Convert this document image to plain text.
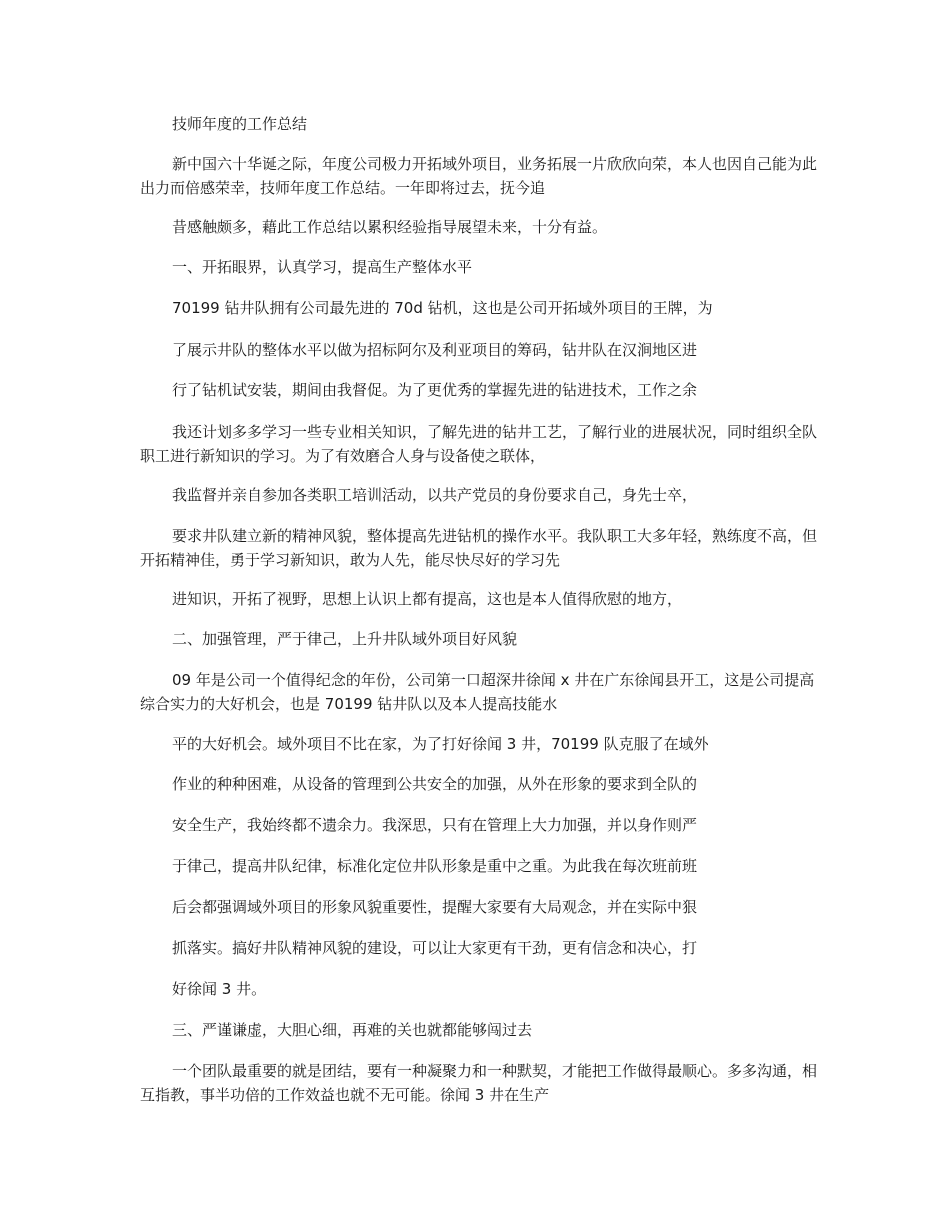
技师年度的工作总结

新中国六十华诞之际，年度公司极力开拓域外项目，业务拓展一片欣欣向荣，本人也因自己能为此出力而倍感荣幸，技师年度工作总结。一年即将过去，抚今追

昔感触颇多，藉此工作总结以累积经验指导展望未来，十分有益。

一、开拓眼界，认真学习，提高生产整体水平

70199 钻井队拥有公司最先进的 70d 钻机，这也是公司开拓域外项目的王牌，为

了展示井队的整体水平以做为招标阿尔及利亚项目的筹码，钻井队在汉涧地区进

行了钻机试安装，期间由我督促。为了更优秀的掌握先进的钻进技术，工作之余

我还计划多多学习一些专业相关知识，了解先进的钻井工艺，了解行业的进展状况，同时组织全队职工进行新知识的学习。为了有效磨合人身与设备使之联体，

我监督并亲自参加各类职工培训活动，以共产党员的身份要求自己，身先士卒，

要求井队建立新的精神风貌，整体提高先进钻机的操作水平。我队职工大多年轻，熟练度不高，但开拓精神佳，勇于学习新知识，敢为人先，能尽快尽好的学习先

进知识，开拓了视野，思想上认识上都有提高，这也是本人值得欣慰的地方，

二、加强管理，严于律己，上升井队域外项目好风貌

09 年是公司一个值得纪念的年份，公司第一口超深井徐闻 x 井在广东徐闻县开工，这是公司提高综合实力的大好机会，也是 70199 钻井队以及本人提高技能水

平的大好机会。域外项目不比在家，为了打好徐闻 3 井，70199 队克服了在域外

作业的种种困难，从设备的管理到公共安全的加强，从外在形象的要求到全队的

安全生产，我始终都不遗余力。我深思，只有在管理上大力加强，并以身作则严

于律己，提高井队纪律，标准化定位井队形象是重中之重。为此我在每次班前班

后会都强调域外项目的形象风貌重要性，提醒大家要有大局观念，并在实际中狠

抓落实。搞好井队精神风貌的建设，可以让大家更有干劲，更有信念和决心，打

好徐闻 3 井。

三、严谨谦虚，大胆心细，再难的关也就都能够闯过去

一个团队最重要的就是团结，要有一种凝聚力和一种默契，才能把工作做得最顺心。多多沟通，相互指教，事半功倍的工作效益也就不无可能。徐闻 3 井在生产
